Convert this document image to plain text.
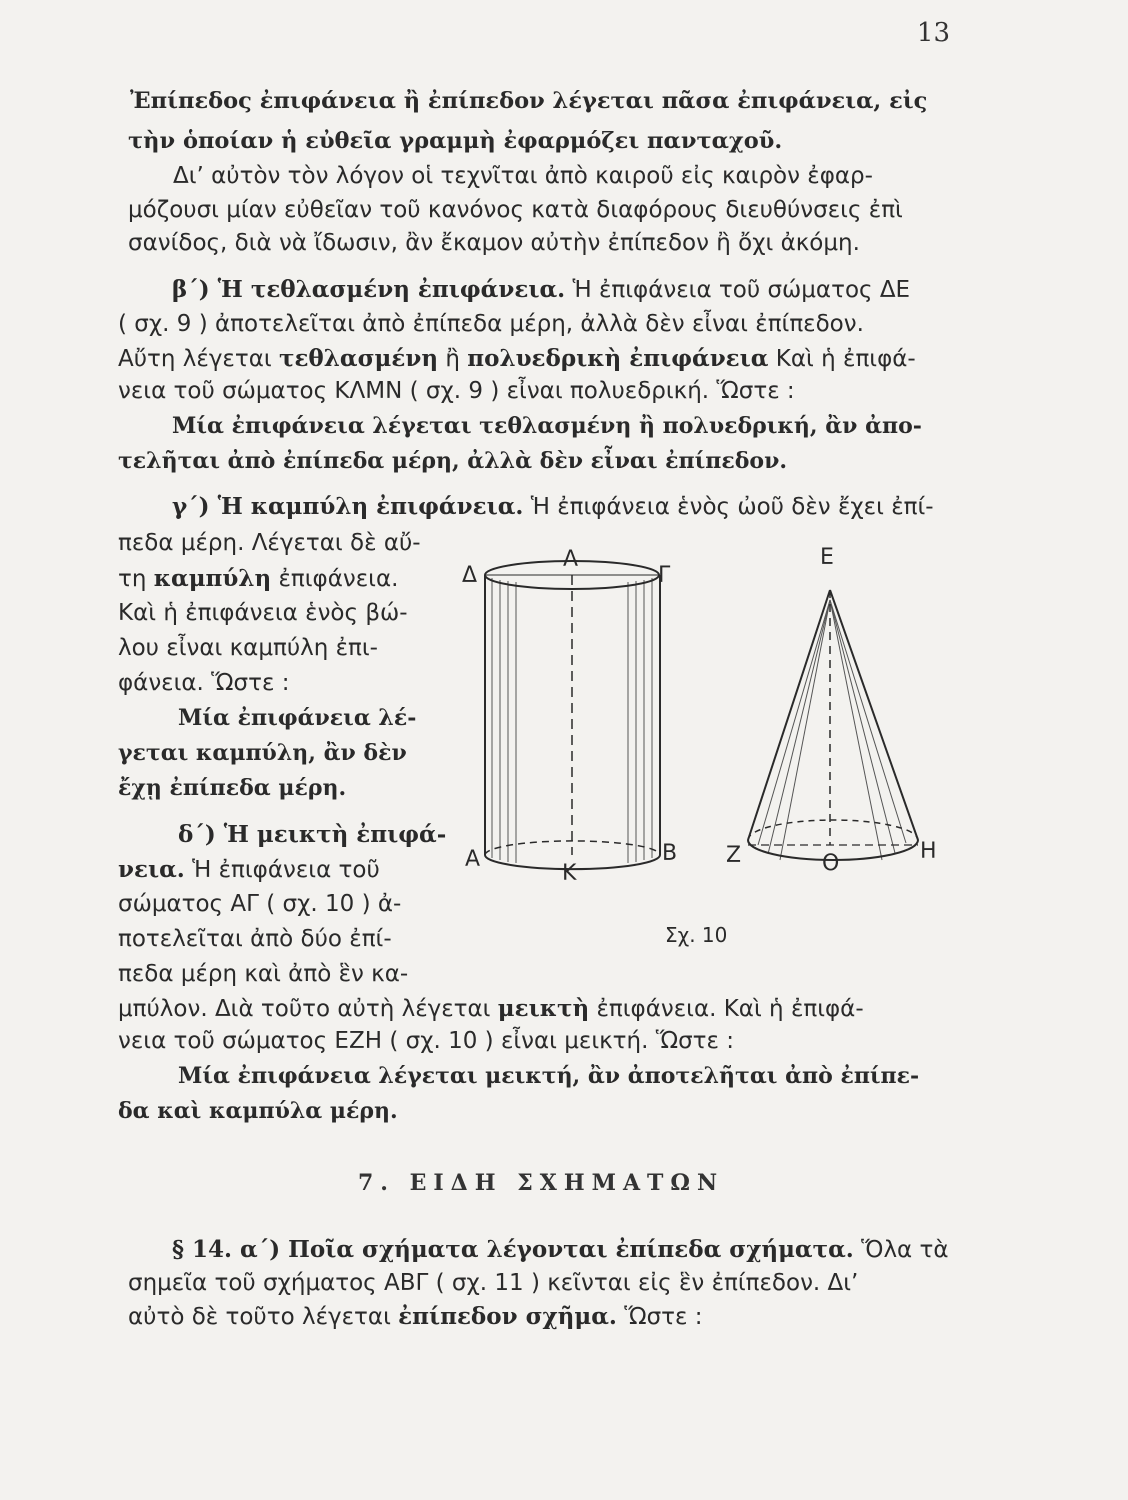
13
Ἐπίπεδος ἐπιφάνεια ἢ ἐπίπεδον λέγεται πᾶσα ἐπιφάνεια, εἰς
τὴν ὁποίαν ἡ εὐθεῖα γραμμὴ ἐφαρμόζει πανταχοῦ.
Δι’ αὐτὸν τὸν λόγον οἱ τεχνῖται ἀπὸ καιροῦ εἰς καιρὸν ἐφαρ-
μόζουσι μίαν εὐθεῖαν τοῦ κανόνος κατὰ διαφόρους διευθύνσεις ἐπὶ
σανίδος, διὰ νὰ ἴδωσιν, ἂν ἔκαμον αὐτὴν ἐπίπεδον ἢ ὄχι ἀκόμη.
β΄) Ἡ τεθλασμένη ἐπιφάνεια. Ἡ ἐπιφάνεια τοῦ σώματος ΔΕ
( σχ. 9 ) ἀποτελεῖται ἀπὸ ἐπίπεδα μέρη, ἀλλὰ δὲν εἶναι ἐπίπεδον.
Αὔτη λέγεται τεθλασμένη ἢ πολυεδρικὴ ἐπιφάνεια Καὶ ἡ ἐπιφά-
νεια τοῦ σώματος ΚΛΜΝ ( σχ. 9 ) εἶναι πολυεδρική. Ὥστε :
Μία ἐπιφάνεια λέγεται τεθλασμένη ἢ πολυεδρική, ἂν ἀπο-
τελῆται ἀπὸ ἐπίπεδα μέρη, ἀλλὰ δὲν εἶναι ἐπίπεδον.
γ΄) Ἡ καμπύλη ἐπιφάνεια. Ἡ ἐπιφάνεια ἑνὸς ὠοῦ δὲν ἔχει ἐπί-
πεδα μέρη. Λέγεται δὲ αὔ-
τη καμπύλη ἐπιφάνεια.
Καὶ ἡ ἐπιφάνεια ἑνὸς βώ-
λου εἶναι καμπύλη ἐπι-
φάνεια. Ὥστε :
Μία ἐπιφάνεια λέ-
γεται καμπύλη, ἂν δὲν
ἔχῃ ἐπίπεδα μέρη.
δ΄) Ἡ μεικτὴ ἐπιφά-
νεια. Ἡ ἐπιφάνεια τοῦ
σώματος ΑΓ ( σχ. 10 ) ἀ-
ποτελεῖται ἀπὸ δύο ἐπί-
πεδα μέρη καὶ ἀπὸ ἓν κα-
μπύλον. Διὰ τοῦτο αὐτὴ λέγεται μεικτὴ ἐπιφάνεια. Καὶ ἡ ἐπιφά-
νεια τοῦ σώματος ΕΖΗ ( σχ. 10 ) εἶναι μεικτή. Ὥστε :
Μία ἐπιφάνεια λέγεται μεικτή, ἂν ἀποτελῆται ἀπὸ ἐπίπε-
δα καὶ καμπύλα μέρη.
7. ΕΙΔΗ ΣΧΗΜΑΤΩΝ
§ 14. α΄) Ποῖα σχήματα λέγονται ἐπίπεδα σχήματα. Ὅλα τὰ
σημεῖα τοῦ σχήματος ΑΒΓ ( σχ. 11 ) κεῖνται εἰς ἓν ἐπίπεδον. Δι’
αὐτὸ δὲ τοῦτο λέγεται ἐπίπεδον σχῆμα. Ὥστε :
Δ
Λ
Γ
Α
Κ
Β
Ε
Ζ	Ο	Η
Σχ. 10
